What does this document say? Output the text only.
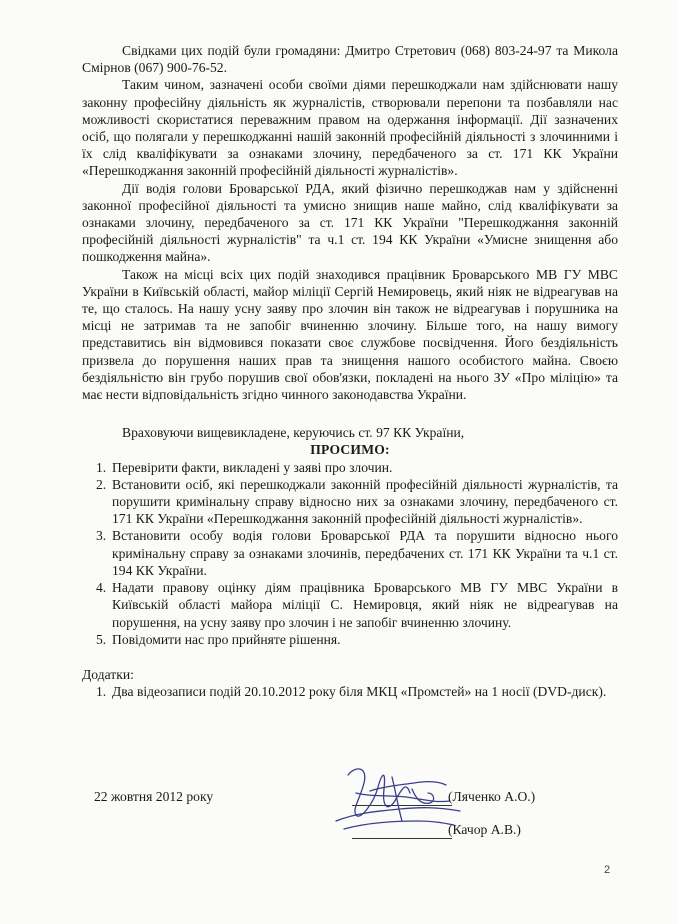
Свідками цих подій були громадяни: Дмитро Стретович (068) 803-24-97 та Микола Смірнов (067) 900-76-52.

Таким чином, зазначені особи своїми діями перешкоджали нам здійснювати нашу законну професійну діяльність як журналістів, створювали перепони та позбавляли нас можливості скористатися переважним правом на одержання інформації. Дії зазначених осіб, що полягали у перешкоджанні нашій законній професійній діяльності з злочинними і їх слід кваліфікувати за ознаками злочину, передбаченого за ст. 171 КК України «Перешкоджання законній професійній діяльності журналістів».

Дії водія голови Броварської РДА, який фізично перешкоджав нам у здійсненні законної професійної діяльності та умисно знищив наше майно, слід кваліфікувати за ознаками злочину, передбаченого за ст. 171 КК України "Перешкоджання законній професійній діяльності журналістів" та ч.1 ст. 194 КК України «Умисне знищення або пошкодження майна».

Також на місці всіх цих подій знаходився працівник Броварського МВ ГУ МВС України в Київській області, майор міліції Сергій Немировець, який ніяк не відреагував на те, що сталось. На нашу усну заяву про злочин він також не відреагував і порушника на місці не затримав та не запобіг вчиненню злочину. Більше того, на нашу вимогу представитись він відмовився показати своє службове посвідчення. Його бездіяльність призвела до порушення наших прав та знищення нашого особистого майна. Своєю бездіяльністю він грубо порушив свої обов'язки, покладені на нього ЗУ «Про міліцію» та має нести відповідальність згідно чинного законодавства України.

Враховуючи вищевикладене, керуючись ст. 97 КК України,

ПРОСИМО:

1. Перевірити факти, викладені у заяві про злочин.
2. Встановити осіб, які перешкоджали законній професійній діяльності журналістів, та порушити кримінальну справу відносно них за ознаками злочину, передбаченого ст. 171 КК України «Перешкоджання законній професійній діяльності журналістів».
3. Встановити особу водія голови Броварської РДА та порушити відносно нього кримінальну справу за ознаками злочинів, передбачених ст. 171 КК України та ч.1 ст. 194 КК України.
4. Надати правову оцінку діям працівника Броварського МВ ГУ МВС України в Київській області майора міліції С. Немировця, який ніяк не відреагував на порушення, на усну заяву про злочин і не запобіг вчиненню злочину.
5. Повідомити нас про прийняте рішення.

Додатки:

1. Два відеозаписи подій 20.10.2012 року біля МКЦ «Промстей» на 1 носії (DVD-диск).
22 жовтня 2012 року	(Ляченко А.О.)
(Качор А.В.)
2
